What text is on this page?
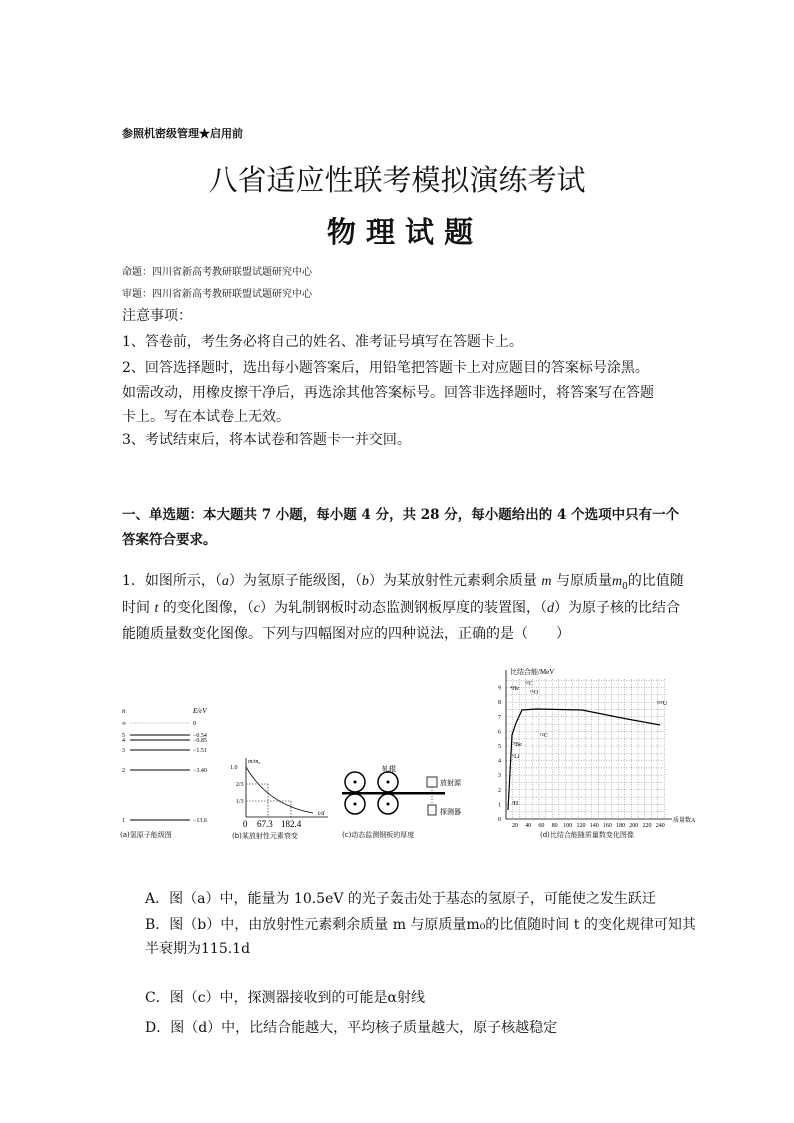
参照机密级管理★启用前
八省适应性联考模拟演练考试
物 理 试 题
命题：四川省新高考教研联盟试题研究中心
审题：四川省新高考教研联盟试题研究中心
注意事项：
1、答卷前，考生务必将自己的姓名、准考证号填写在答题卡上。
2、回答选择题时，选出每小题答案后，用铅笔把答题卡上对应题目的答案标号涂黑。
如需改动，用橡皮擦干净后，再选涂其他答案标号。回答非选择题时，将答案写在答题
卡上。写在本试卷上无效。
3、考试结束后，将本试卷和答题卡一并交回。
一、单选题：本大题共 7 小题，每小题 4 分，共 28 分，每小题给出的 4 个选项中只有一个
答案符合要求。
1．如图所示，（a）为氢原子能级图，（b）为某放射性元素剩余质量 m 与原质量$m_0$的比值随
时间 t 的变化图像，（c）为轧制钢板时动态监测钢板厚度的装置图，（d）为原子核的比结合
能随质量数变化图像。下列与四幅图对应的四种说法，正确的是（　　）
n	E/eV
∞	0
5	−0.54
4	−0.85
3	−1.51
2	−3.40
1	−13.6
(a)氢原子能级图
m/m₀
t/d
1.0
2/3
1/3
0 67.3 182.4
(b)某放射性元素衰变
轧辊
放射源
探测器
(c)动态监测钢板的厚度
比结合能/MeV
质量数A
0
1
2
3
4
5
6
7
8
9
20 40 60 80 100 120 140 160 180 200 220 240
⁴He
¹²C
¹⁶O
²³⁵U
¹²C
⁹Be
⁶Li
²H
(d)比结合能随质量数变化图像
A．图（a）中，能量为 10.5eV 的光子轰击处于基态的氢原子，可能使之发生跃迁
B．图（b）中，由放射性元素剩余质量 m 与原质量m₀的比值随时间 t 的变化规律可知其
半衰期为115.1d
C．图（c）中，探测器接收到的可能是α射线
D．图（d）中，比结合能越大，平均核子质量越大，原子核越稳定
